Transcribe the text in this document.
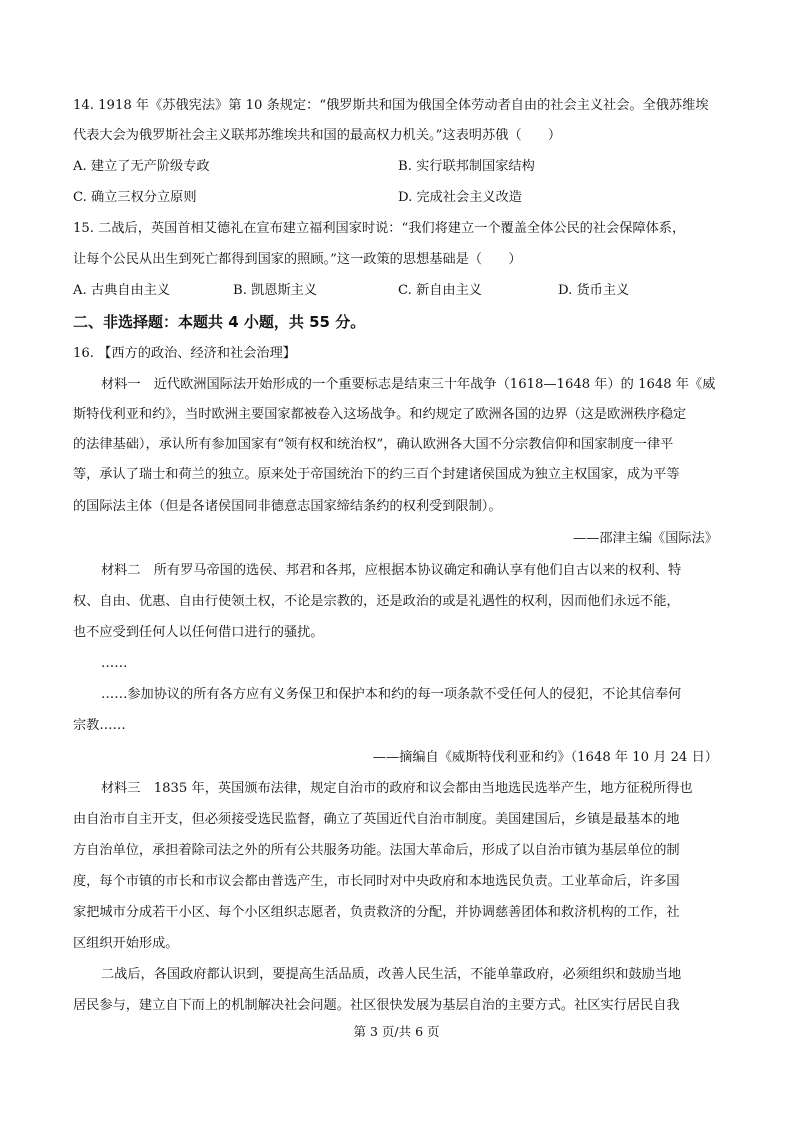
14. 1918 年《苏俄宪法》第 10 条规定：“俄罗斯共和国为俄国全体劳动者自由的社会主义社会。全俄苏维埃
代表大会为俄罗斯社会主义联邦苏维埃共和国的最高权力机关。”这表明苏俄（　　）
A. 建立了无产阶级专政	B. 实行联邦制国家结构
C. 确立三权分立原则	D. 完成社会主义改造
15. 二战后，英国首相艾德礼在宣布建立福利国家时说：“我们将建立一个覆盖全体公民的社会保障体系，
让每个公民从出生到死亡都得到国家的照顾。”这一政策的思想基础是（　　）
A. 古典自由主义	B. 凯恩斯主义	C. 新自由主义	D. 货币主义
二、非选择题：本题共 4 小题，共 55 分。
16. 【西方的政治、经济和社会治理】
材料一　近代欧洲国际法开始形成的一个重要标志是结束三十年战争（1618—1648 年）的 1648 年《威
斯特伐利亚和约》，当时欧洲主要国家都被卷入这场战争。和约规定了欧洲各国的边界（这是欧洲秩序稳定
的法律基础），承认所有参加国家有“领有权和统治权”，确认欧洲各大国不分宗教信仰和国家制度一律平
等，承认了瑞士和荷兰的独立。原来处于帝国统治下的约三百个封建诸侯国成为独立主权国家，成为平等
的国际法主体（但是各诸侯国同非德意志国家缔结条约的权利受到限制）。
——邵津主编《国际法》
材料二　所有罗马帝国的选侯、邦君和各邦，应根据本协议确定和确认享有他们自古以来的权利、特
权、自由、优惠、自由行使领土权，不论是宗教的，还是政治的或是礼遇性的权利，因而他们永远不能，
也不应受到任何人以任何借口进行的骚扰。
……
……参加协议的所有各方应有义务保卫和保护本和约的每一项条款不受任何人的侵犯，不论其信奉何
宗教……
——摘编自《威斯特伐利亚和约》（1648 年 10 月 24 日）
材料三　1835 年，英国颁布法律，规定自治市的政府和议会都由当地选民选举产生，地方征税所得也
由自治市自主开支，但必须接受选民监督，确立了英国近代自治市制度。美国建国后，乡镇是最基本的地
方自治单位，承担着除司法之外的所有公共服务功能。法国大革命后，形成了以自治市镇为基层单位的制
度，每个市镇的市长和市议会都由普选产生，市长同时对中央政府和本地选民负责。工业革命后，许多国
家把城市分成若干小区、每个小区组织志愿者，负责救济的分配，并协调慈善团体和救济机构的工作，社
区组织开始形成。
二战后，各国政府都认识到，要提高生活品质，改善人民生活，不能单靠政府，必须组织和鼓励当地
居民参与，建立自下而上的机制解决社会问题。社区很快发展为基层自治的主要方式。社区实行居民自我
第 3 页/共 6 页
